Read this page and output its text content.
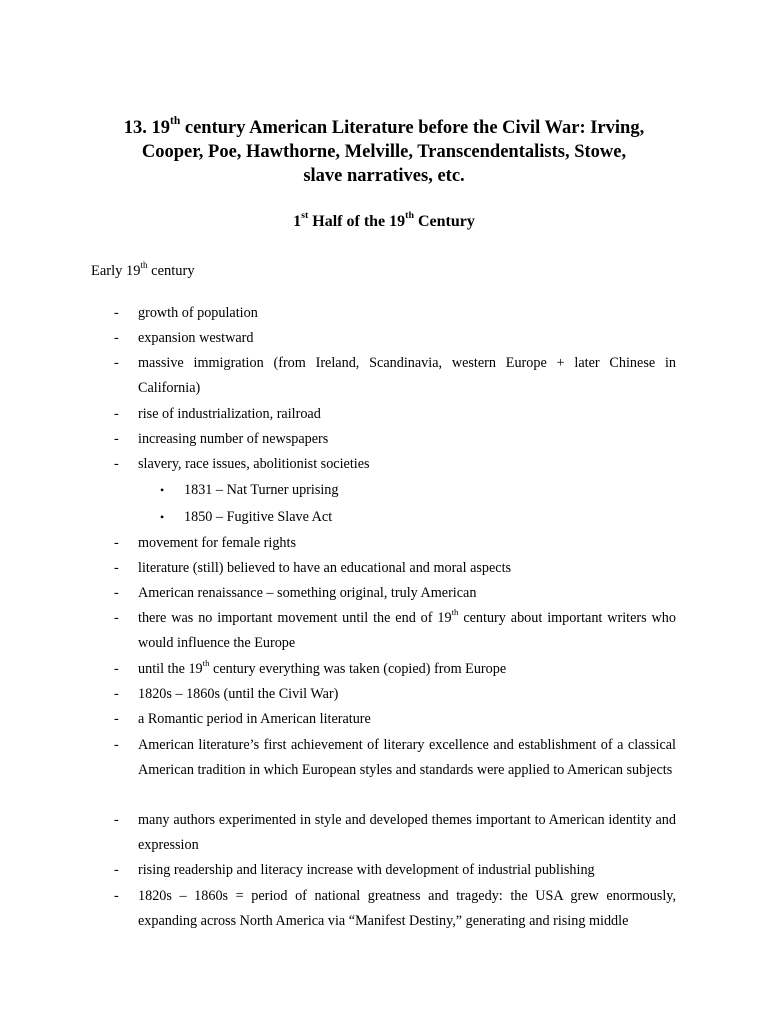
13. 19th century American Literature before the Civil War: Irving,
Cooper, Poe, Hawthorne, Melville, Transcendentalists, Stowe,
slave narratives, etc.
1st Half of the 19th Century
Early 19th century
- growth of population
- expansion westward
- massive immigration (from Ireland, Scandinavia, western Europe + later Chinese in California)
- rise of industrialization, railroad
- increasing number of newspapers
- slavery, race issues, abolitionist societies
• 1831 – Nat Turner uprising
• 1850 – Fugitive Slave Act
- movement for female rights
- literature (still) believed to have an educational and moral aspects
- American renaissance – something original, truly American
- there was no important movement until the end of 19th century about important writers who would influence the Europe
- until the 19th century everything was taken (copied) from Europe
- 1820s – 1860s (until the Civil War)
- a Romantic period in American literature
- American literature’s first achievement of literary excellence and establishment of a classical American tradition in which European styles and standards were applied to American subjects
- many authors experimented in style and developed themes important to American identity and expression
- rising readership and literacy increase with development of industrial publishing
- 1820s – 1860s = period of national greatness and tragedy: the USA grew enormously, expanding across North America via “Manifest Destiny,” generating and rising middle
